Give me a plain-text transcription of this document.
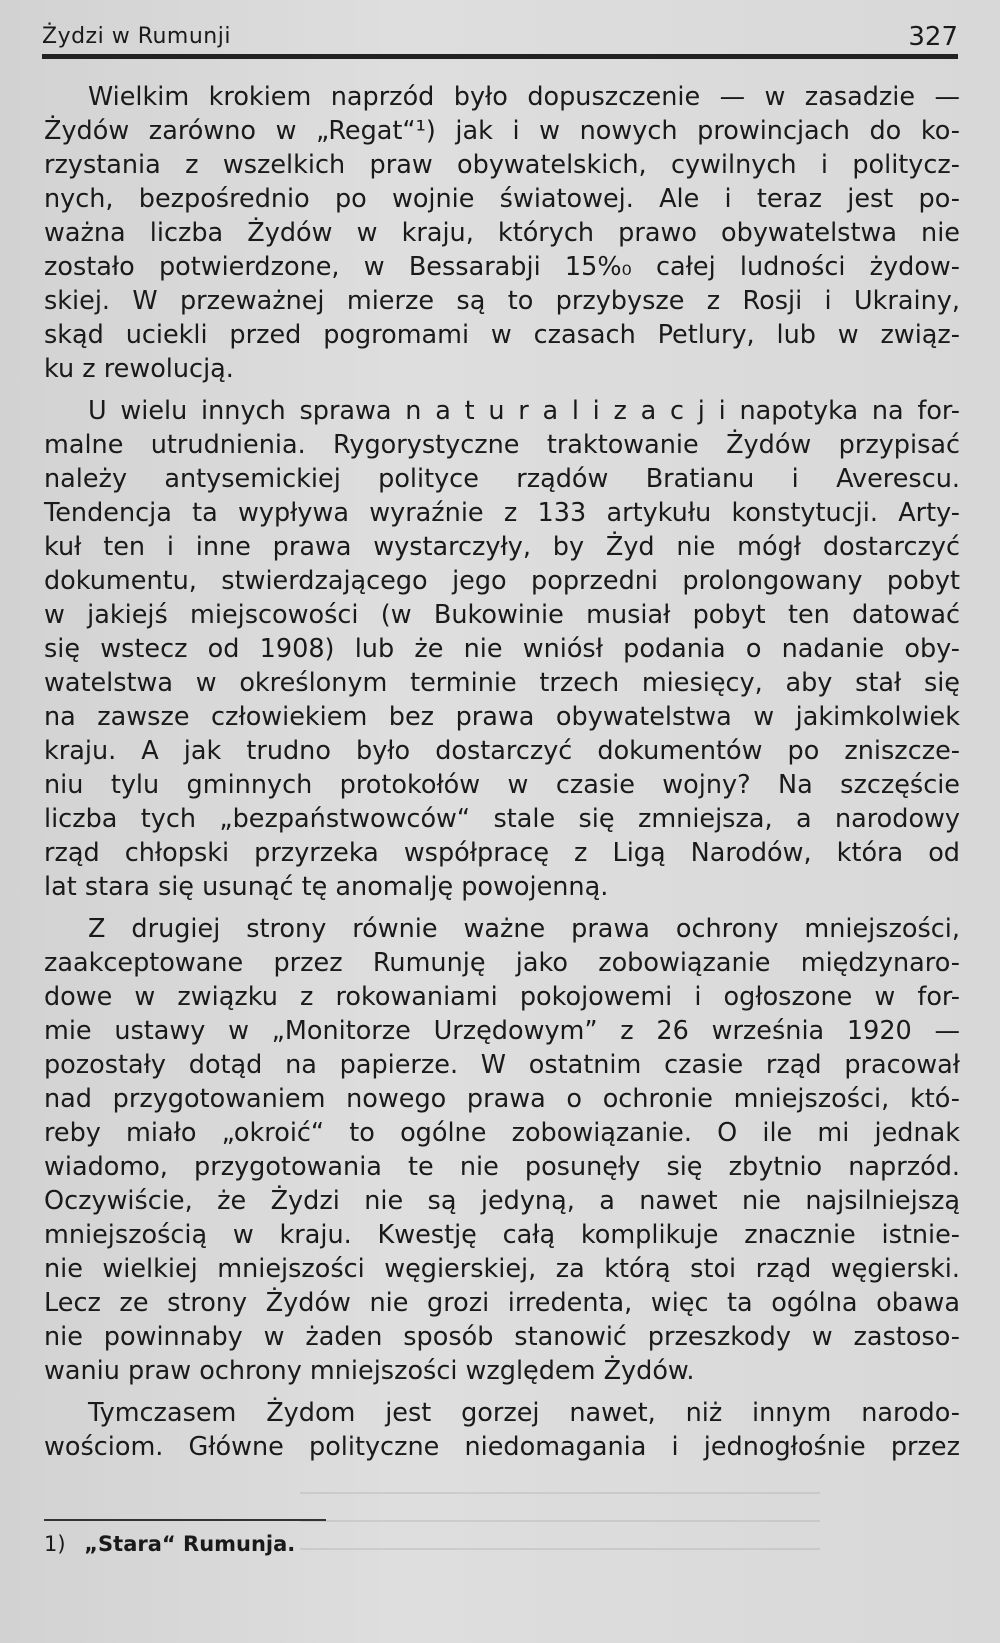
Żydzi w Rumunji	327
Wielkim krokiem naprzód było dopuszczenie — w zasadzie —
Żydów zarówno w „Regat“¹) jak i w nowych prowincjach do ko-
rzystania z wszelkich praw obywatelskich, cywilnych i politycz-
nych, bezpośrednio po wojnie światowej. Ale i teraz jest po-
ważna liczba Żydów w kraju, których prawo obywatelstwa nie
zostało potwierdzone, w Bessarabji 15%₀ całej ludności żydow-
skiej. W przeważnej mierze są to przybysze z Rosji i Ukrainy,
skąd uciekli przed pogromami w czasach Petlury, lub w związ-
ku z rewolucją.
U wielu innych sprawa n a t u r a l i z a c j i napotyka na for-
malne utrudnienia. Rygorystyczne traktowanie Żydów przypisać
należy antysemickiej polityce rządów Bratianu i Averescu.
Tendencja ta wypływa wyraźnie z 133 artykułu konstytucji. Arty-
kuł ten i inne prawa wystarczyły, by Żyd nie mógł dostarczyć
dokumentu, stwierdzającego jego poprzedni prolongowany pobyt
w jakiejś miejscowości (w Bukowinie musiał pobyt ten datować
się wstecz od 1908) lub że nie wniósł podania o nadanie oby-
watelstwa w określonym terminie trzech miesięcy, aby stał się
na zawsze człowiekiem bez prawa obywatelstwa w jakimkolwiek
kraju. A jak trudno było dostarczyć dokumentów po zniszcze-
niu tylu gminnych protokołów w czasie wojny? Na szczęście
liczba tych „bezpaństwowców“ stale się zmniejsza, a narodowy
rząd chłopski przyrzeka współpracę z Ligą Narodów, która od
lat stara się usunąć tę anomalję powojenną.
Z drugiej strony równie ważne prawa ochrony mniejszości,
zaakceptowane przez Rumunję jako zobowiązanie międzynaro-
dowe w związku z rokowaniami pokojowemi i ogłoszone w for-
mie ustawy w „Monitorze Urzędowym” z 26 września 1920 —
pozostały dotąd na papierze. W ostatnim czasie rząd pracował
nad przygotowaniem nowego prawa o ochronie mniejszości, któ-
reby miało „okroić“ to ogólne zobowiązanie. O ile mi jednak
wiadomo, przygotowania te nie posunęły się zbytnio naprzód.
Oczywiście, że Żydzi nie są jedyną, a nawet nie najsilniejszą
mniejszością w kraju. Kwestję całą komplikuje znacznie istnie-
nie wielkiej mniejszości węgierskiej, za którą stoi rząd węgierski.
Lecz ze strony Żydów nie grozi irredenta, więc ta ogólna obawa
nie powinnaby w żaden sposób stanowić przeszkody w zastoso-
waniu praw ochrony mniejszości względem Żydów.
Tymczasem Żydom jest gorzej nawet, niż innym narodo-
wościom. Główne polityczne niedomagania i jednogłośnie przez
1) „Stara“ Rumunja.
